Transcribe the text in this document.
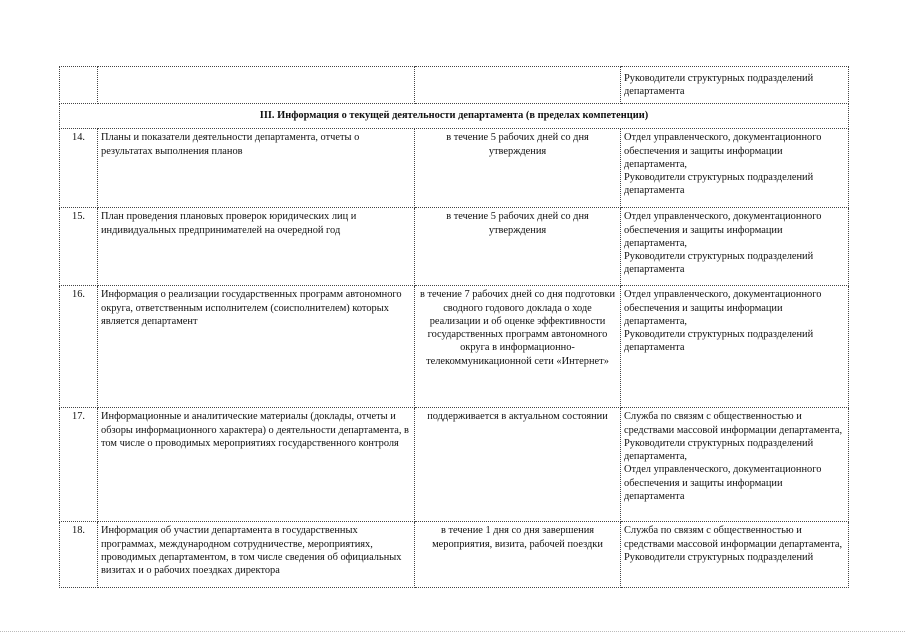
			Руководители структурных подразделений департамента

III. Информация о текущей деятельности департамента (в пределах компетенции)			
14.	Планы и показатели деятельности департамента, отчеты о результатах выполнения планов	в течение 5 рабочих дней со дня утверждения	Отдел управленческого, документационного обеспечения и защиты информации департамента,
Руководители структурных подразделений департамента

15.	План проведения плановых проверок юридических лиц и индивидуальных предпринимателей на очередной год	в течение 5 рабочих дней со дня утверждения	Отдел управленческого, документационного обеспечения и защиты информации департамента,
Руководители структурных подразделений департамента

16.	Информация о реализации государственных программ автономного округа, ответственным исполнителем (соисполнителем) которых является департамент	в течение 7 рабочих дней со дня подготовки сводного годового доклада о ходе реализации и об оценке эффективности государственных программ автономного округа в информационно-телекоммуникационной сети «Интернет»	Отдел управленческого, документационного обеспечения и защиты информации департамента,
Руководители структурных подразделений департамента

17.	Информационные и аналитические материалы (доклады, отчеты и обзоры информационного характера) о деятельности департамента, в том числе о проводимых мероприятиях государственного контроля	поддерживается в актуальном состоянии	Служба по связям с общественностью и средствами массовой информации департамента,
Руководители структурных подразделений департамента,
Отдел управленческого, документационного обеспечения и защиты информации департамента

18.	Информация об участии департамента в государственных программах, международном сотрудничестве, мероприятиях, проводимых департаментом, в том числе сведения об официальных визитах и о рабочих поездках директора	в течение 1 дня со дня завершения мероприятия, визита, рабочей поездки	Служба по связям с общественностью и средствами массовой информации департамента,
Руководители структурных подразделений
